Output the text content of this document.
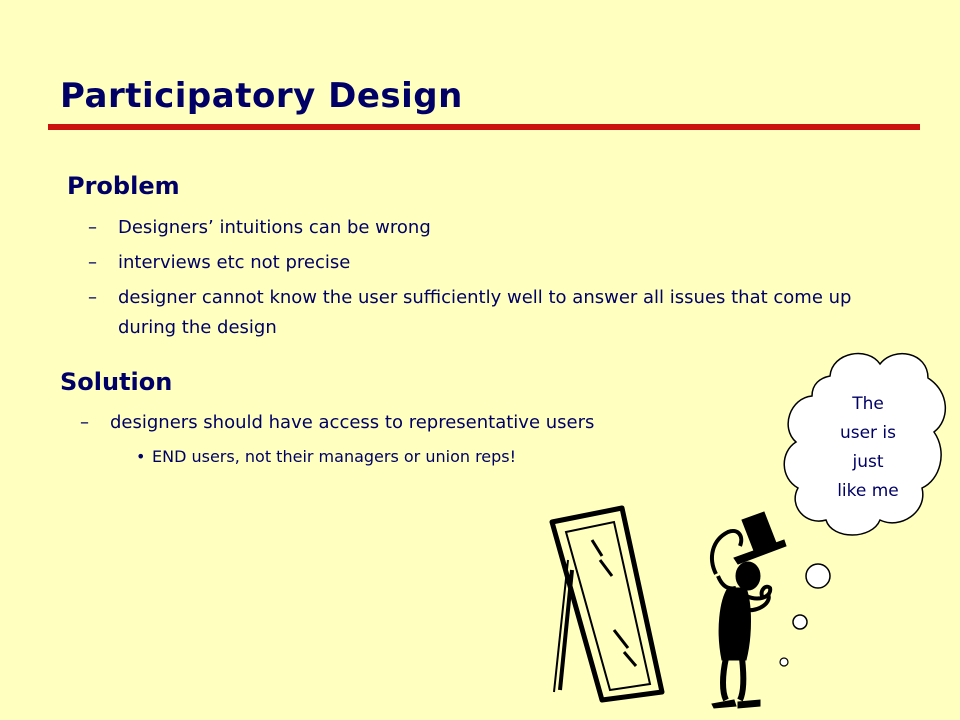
Participatory Design
Problem
– Designers’ intuitions can be wrong
– interviews etc not precise
– designer cannot know the user sufficiently well to answer all issues that come up during the design
Solution
– designers should have access to representative users
• END users, not their managers or union reps!
The
user is
just
like me
